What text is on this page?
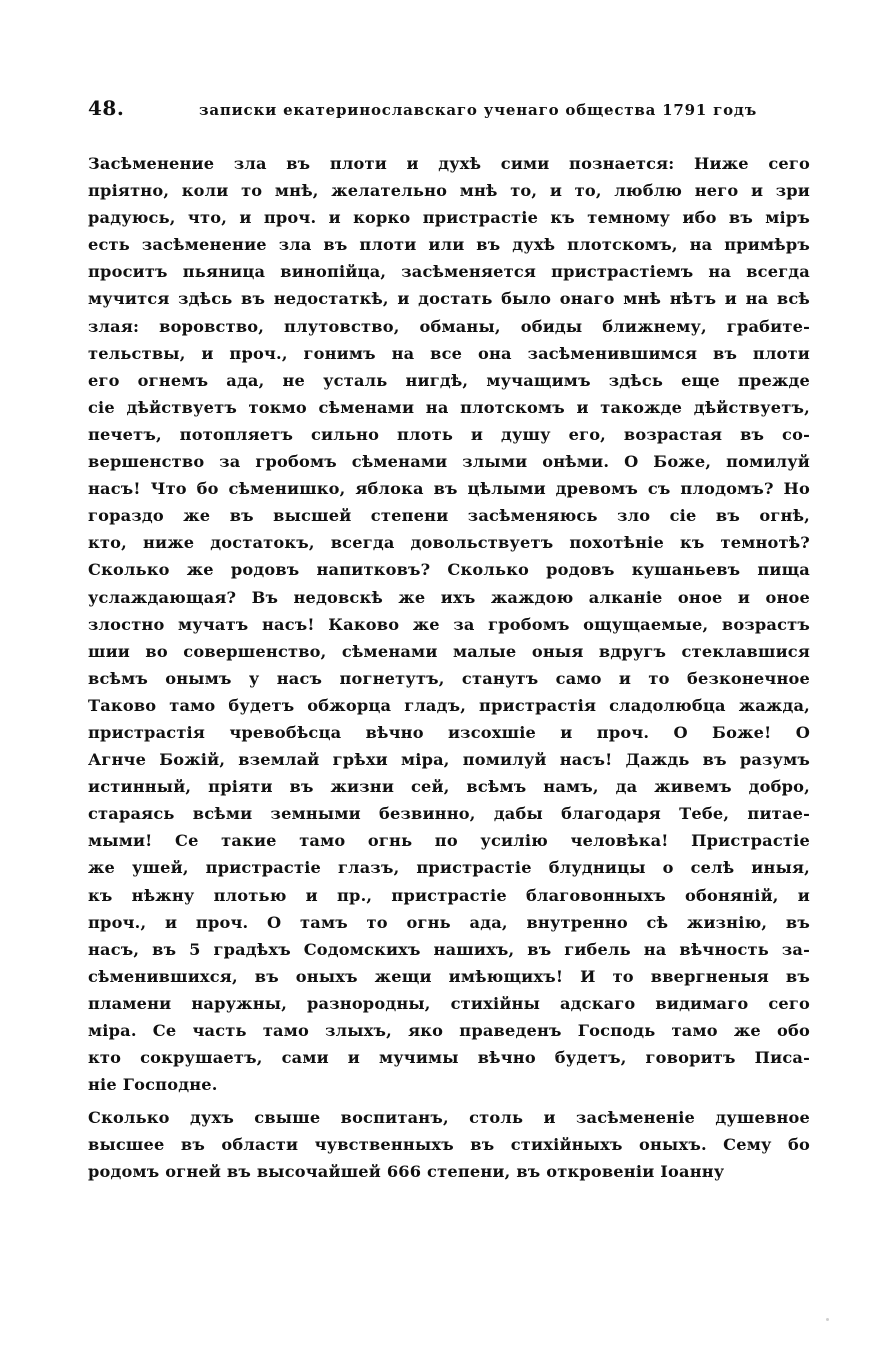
48.	записки екатеринославскаго ученаго общества 1791 годъ
Засѣменение зла въ плоти и духѣ сими познается: Ниже сего
пріятно, коли то мнѣ, желательно мнѣ то, и то, люблю него и зри
радуюсь, что, и проч. и корко пристрастіе къ темному ибо въ міръ
есть засѣменение зла въ плоти или въ духѣ плотскомъ, на примѣръ
проситъ пьяница винопійца, засѣменяется пристрастіемъ на всегда
мучится здѣсь въ недостаткѣ, и достать было онаго мнѣ нѣтъ и на всѣ
злая: воровство, плутовство, обманы, обиды ближнему, грабите-
тельствы, и проч., гонимъ на все она засѣменившимся въ плоти
его огнемъ ада, не усталь нигдѣ, мучащимъ здѣсь еще прежде
сіе дѣйствуетъ токмо сѣменами на плотскомъ и такожде дѣйствуетъ,
печетъ, потопляетъ сильно плоть и душу его, возрастая въ со-
вершенство за гробомъ сѣменами злыми онѣми. О Боже, помилуй
насъ! Что бо сѣменишко, яблока въ цѣлыми древомъ съ плодомъ? Но
гораздо же въ высшей степени засѣменяюсь зло сіе въ огнѣ,
кто, ниже достатокъ, всегда довольствуетъ похотѣніе къ темнотѣ?
Сколько же родовъ напитковъ? Сколько родовъ кушаньевъ пища
услаждающая? Въ недовскѣ же ихъ жаждою алканіе оное и оное
злостно мучатъ насъ! Каково же за гробомъ ощущаемые, возрастъ
шии во совершенство, сѣменами малые оныя вдругъ стеклавшися
всѣмъ онымъ у насъ погнетутъ, станутъ само и то безконечное
Таково тамо будетъ обжорца гладъ, пристрастія сладолюбца жажда,
пристрастія чревобѣсца вѣчно изсохшіе и проч. О Боже! О
Агнче Божій, вземлай грѣхи міра, помилуй насъ! Даждь въ разумъ
истинный, пріяти въ жизни сей, всѣмъ намъ, да живемъ добро,
стараясь всѣми земными безвинно, дабы благодаря Тебе, питае-
мыми! Се такие тамо огнь по усилію человѣка! Пристрастіе
же ушей, пристрастіе глазъ, пристрастіе блудницы о селѣ иныя,
къ нѣжну плотью и пр., пристрастіе благовонныхъ обоняній, и
проч., и проч. О тамъ то огнь ада, внутренно сѣ жизнію, въ
насъ, въ 5 градѣхъ Содомскихъ нашихъ, въ гибель на вѣчность за-
сѣменившихся, въ оныхъ жещи имѣющихъ! И то ввергненыя въ
пламени наружны, разнородны, стихійны адскаго видимаго сего
міра. Се часть тамо злыхъ, яко праведенъ Господь тамо же обо
кто сокрушаетъ, сами и мучимы вѣчно будетъ, говоритъ Писа-
ніе Господне.
Сколько духъ свыше воспитанъ, столь и засѣмененіе душевное
высшее въ области чувственныхъ въ стихійныхъ оныхъ. Сему бо
родомъ огней въ высочайшей 666 степени, въ откровеніи Іоанну
